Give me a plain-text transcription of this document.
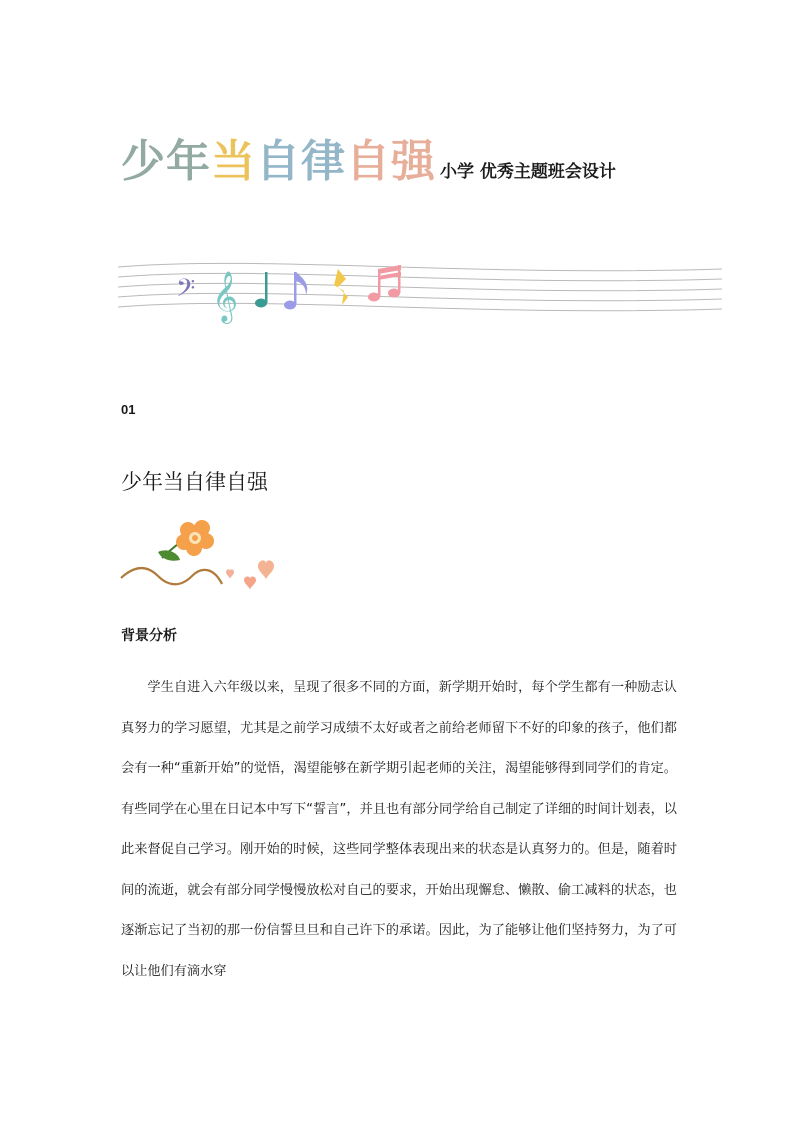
少 年 当 自 律 自 强 小学 优秀主题班会设计
𝄢 𝄞
01
少年当自律自强
背景分析

学生自进入六年级以来，呈现了很多不同的方面，新学期开始时，每个学生都有一种励志认真努力的学习愿望，尤其是之前学习成绩不太好或者之前给老师留下不好的印象的孩子，他们都会有一种“重新开始”的觉悟，渴望能够在新学期引起老师的关注，渴望能够得到同学们的肯定。有些同学在心里在日记本中写下“誓言”，并且也有部分同学给自己制定了详细的时间计划表，以此来督促自己学习。刚开始的时候，这些同学整体表现出来的状态是认真努力的。但是，随着时间的流逝，就会有部分同学慢慢放松对自己的要求，开始出现懈怠、懒散、偷工减料的状态，也逐渐忘记了当初的那一份信誓旦旦和自己许下的承诺。因此，为了能够让他们坚持努力，为了可以让他们有滴水穿
